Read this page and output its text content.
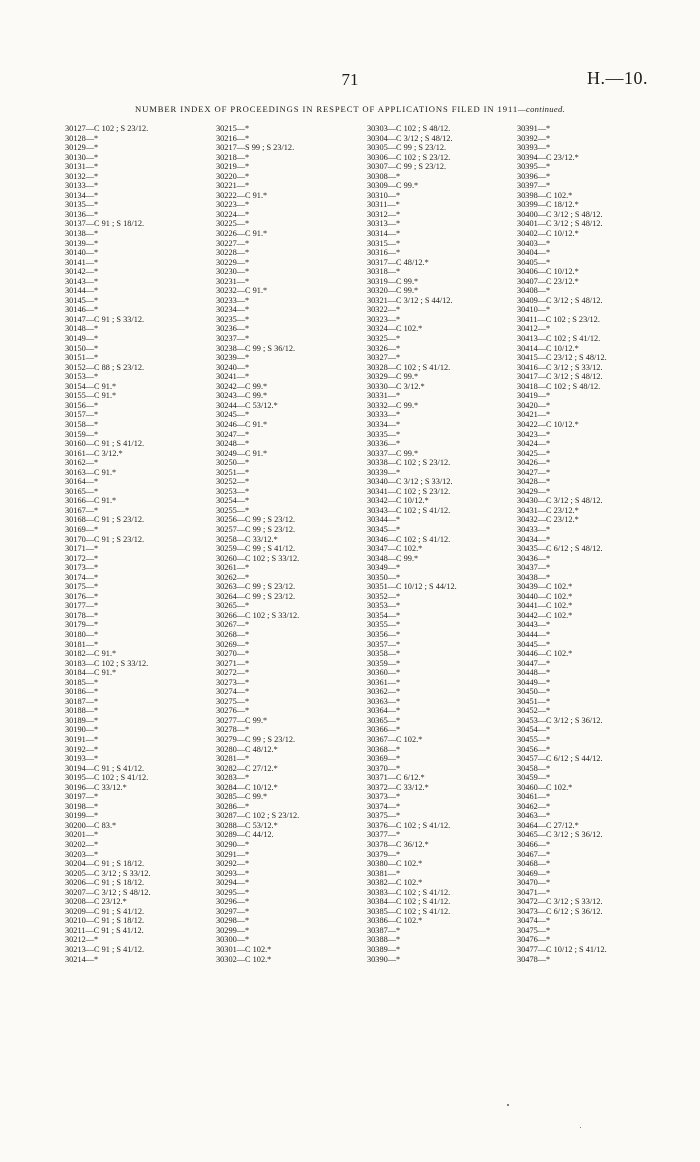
71	H.—10.
NUMBER INDEX OF PROCEEDINGS IN RESPECT OF APPLICATIONS FILED IN 1911—continued.
30127—C 102 ; S 23/12.
30128—*
30129—*
30130—*
30131—*
30132—*
30133—*
30134—*
30135—*
30136—*
30137—C 91 ; S 18/12.
30138—*
30139—*
30140—*
30141—*
30142—*
30143—*
30144—*
30145—*
30146—*
30147—C 91 ; S 33/12.
30148—*
30149—*
30150—*
30151—*
30152—C 88 ; S 23/12.
30153—*
30154—C 91.*
30155—C 91.*
30156—*
30157—*
30158—*
30159—*
30160—C 91 ; S 41/12.
30161—C 3/12.*
30162—*
30163—C 91.*
30164—*
30165—*
30166—C 91.*
30167—*
30168—C 91 ; S 23/12.
30169—*
30170—C 91 ; S 23/12.
30171—*
30172—*
30173—*
30174—*
30175—*
30176—*
30177—*
30178—*
30179—*
30180—*
30181—*
30182—C 91.*
30183—C 102 ; S 33/12.
30184—C 91.*
30185—*
30186—*
30187—*
30188—*
30189—*
30190—*
30191—*
30192—*
30193—*
30194—C 91 ; S 41/12.
30195—C 102 ; S 41/12.
30196—C 33/12.*
30197—*
30198—*
30199—*
30200—C 83.*
30201—*
30202—*
30203—*
30204—C 91 ; S 18/12.
30205—C 3/12 ; S 33/12.
30206—C 91 ; S 18/12.
30207—C 3/12 ; S 48/12.
30208—C 23/12.*
30209—C 91 ; S 41/12.
30210—C 91 ; S 18/12.
30211—C 91 ; S 41/12.
30212—*
30213—C 91 ; S 41/12.
30214—*
30215—*
30216—*
30217—S 99 ; S 23/12.
30218—*
30219—*
30220—*
30221—*
30222—C 91.*
30223—*
30224—*
30225—*
30226—C 91.*
30227—*
30228—*
30229—*
30230—*
30231—*
30232—C 91.*
30233—*
30234—*
30235—*
30236—*
30237—*
30238—C 99 ; S 36/12.
30239—*
30240—*
30241—*
30242—C 99.*
30243—C 99.*
30244—C 53/12.*
30245—*
30246—C 91.*
30247—*
30248—*
30249—C 91.*
30250—*
30251—*
30252—*
30253—*
30254—*
30255—*
30256—C 99 ; S 23/12.
30257—C 99 ; S 23/12.
30258—C 33/12.*
30259—C 99 ; S 41/12.
30260—C 102 ; S 33/12.
30261—*
30262—*
30263—C 99 ; S 23/12.
30264—C 99 ; S 23/12.
30265—*
30266—C 102 ; S 33/12.
30267—*
30268—*
30269—*
30270—*
30271—*
30272—*
30273—*
30274—*
30275—*
30276—*
30277—C 99.*
30278—*
30279—C 99 ; S 23/12.
30280—C 48/12.*
30281—*
30282—C 27/12.*
30283—*
30284—C 10/12.*
30285—C 99.*
30286—*
30287—C 102 ; S 23/12.
30288—C 53/12.*
30289—C 44/12.
30290—*
30291—*
30292—*
30293—*
30294—*
30295—*
30296—*
30297—*
30298—*
30299—*
30300—*
30301—C 102.*
30302—C 102.*
30303—C 102 ; S 48/12.
30304—C 3/12 ; S 48/12.
30305—C 99 ; S 23/12.
30306—C 102 ; S 23/12.
30307—C 99 ; S 23/12.
30308—*
30309—C 99.*
30310—*
30311—*
30312—*
30313—*
30314—*
30315—*
30316—*
30317—C 48/12.*
30318—*
30319—C 99.*
30320—C 99.*
30321—C 3/12 ; S 44/12.
30322—*
30323—*
30324—C 102.*
30325—*
30326—*
30327—*
30328—C 102 ; S 41/12.
30329—C 99.*
30330—C 3/12.*
30331—*
30332—C 99.*
30333—*
30334—*
30335—*
30336—*
30337—C 99.*
30338—C 102 ; S 23/12.
30339—*
30340—C 3/12 ; S 33/12.
30341—C 102 ; S 23/12.
30342—C 10/12.*
30343—C 102 ; S 41/12.
30344—*
30345—*
30346—C 102 ; S 41/12.
30347—C 102.*
30348—C 99.*
30349—*
30350—*
30351—C 10/12 ; S 44/12.
30352—*
30353—*
30354—*
30355—*
30356—*
30357—*
30358—*
30359—*
30360—*
30361—*
30362—*
30363—*
30364—*
30365—*
30366—*
30367—C 102.*
30368—*
30369—*
30370—*
30371—C 6/12.*
30372—C 33/12.*
30373—*
30374—*
30375—*
30376—C 102 ; S 41/12.
30377—*
30378—C 36/12.*
30379—*
30380—C 102.*
30381—*
30382—C 102.*
30383—C 102 ; S 41/12.
30384—C 102 ; S 41/12.
30385—C 102 ; S 41/12.
30386—C 102.*
30387—*
30388—*
30389—*
30390—*
30391—*
30392—*
30393—*
30394—C 23/12.*
30395—*
30396—*
30397—*
30398—C 102.*
30399—C 18/12.*
30400—C 3/12 ; S 48/12.
30401—C 3/12 ; S 48/12.
30402—C 10/12.*
30403—*
30404—*
30405—*
30406—C 10/12.*
30407—C 23/12.*
30408—*
30409—C 3/12 ; S 48/12.
30410—*
30411—C 102 ; S 23/12.
30412—*
30413—C 102 ; S 41/12.
30414—C 10/12.*
30415—C 23/12 ; S 48/12.
30416—C 3/12 ; S 33/12.
30417—C 3/12 ; S 48/12.
30418—C 102 ; S 48/12.
30419—*
30420—*
30421—*
30422—C 10/12.*
30423—*
30424—*
30425—*
30426—*
30427—*
30428—*
30429—*
30430—C 3/12 ; S 48/12.
30431—C 23/12.*
30432—C 23/12.*
30433—*
30434—*
30435—C 6/12 ; S 48/12.
30436—*
30437—*
30438—*
30439—C 102.*
30440—C 102.*
30441—C 102.*
30442—C 102.*
30443—*
30444—*
30445—*
30446—C 102.*
30447—*
30448—*
30449—*
30450—*
30451—*
30452—*
30453—C 3/12 ; S 36/12.
30454—*
30455—*
30456—*
30457—C 6/12 ; S 44/12.
30458—*
30459—*
30460—C 102.*
30461—*
30462—*
30463—*
30464—C 27/12.*
30465—C 3/12 ; S 36/12.
30466—*
30467—*
30468—*
30469—*
30470—*
30471—*
30472—C 3/12 ; S 33/12.
30473—C 6/12 ; S 36/12.
30474—*
30475—*
30476—*
30477—C 10/12 ; S 41/12.
30478—*
